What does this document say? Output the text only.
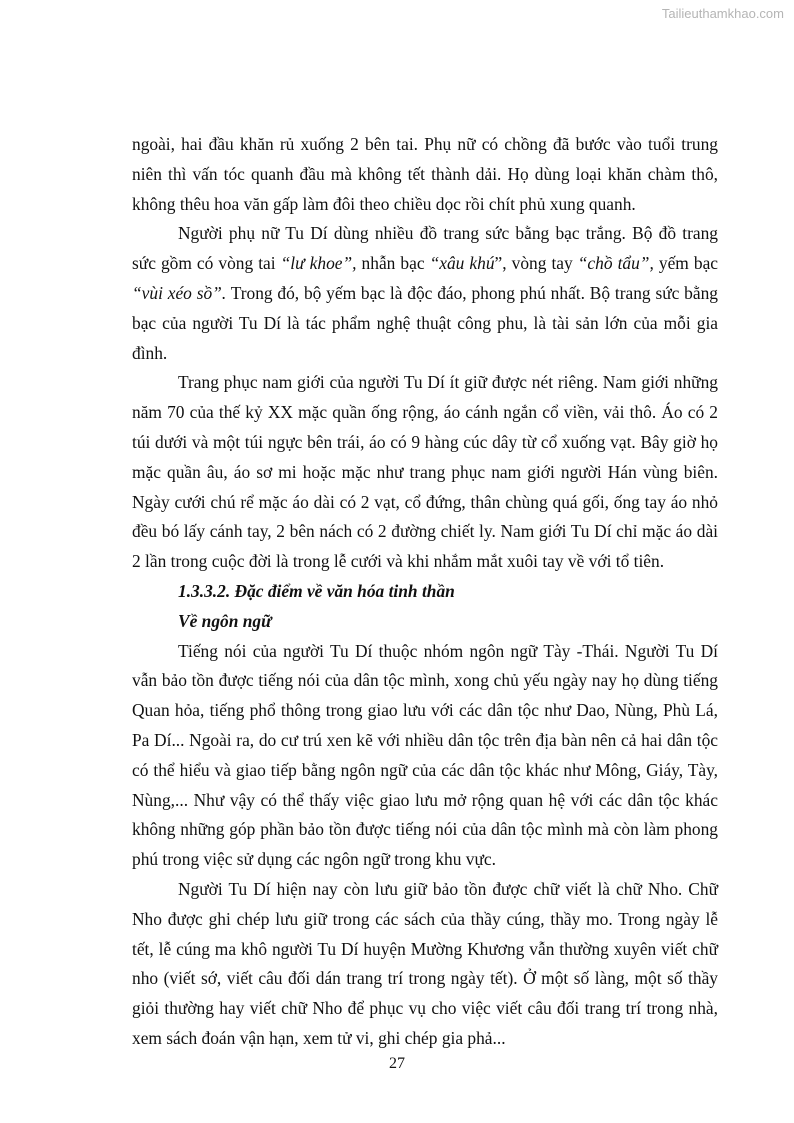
Tailieuthamkhao.com

ngoài, hai đầu khăn rủ xuống 2 bên tai. Phụ nữ có chồng đã bước vào tuổi trung niên thì vấn tóc quanh đầu mà không tết thành dải. Họ dùng loại khăn chàm thô, không thêu hoa văn gấp làm đôi theo chiều dọc rồi chít phủ xung quanh.

Người phụ nữ Tu Dí dùng nhiều đồ trang sức bằng bạc trắng. Bộ đồ trang sức gồm có vòng tai “lư khoe”, nhẫn bạc “xâu khú”, vòng tay “chồ tẩu”, yếm bạc “vùi xéo sồ”. Trong đó, bộ yếm bạc là độc đáo, phong phú nhất. Bộ trang sức bằng bạc của người Tu Dí là tác phẩm nghệ thuật công phu, là tài sản lớn của mỗi gia đình.

Trang phục nam giới của người Tu Dí ít giữ được nét riêng. Nam giới những năm 70 của thế kỷ XX mặc quần ống rộng, áo cánh ngắn cổ viền, vải thô. Áo có 2 túi dưới và một túi ngực bên trái, áo có 9 hàng cúc dây từ cổ xuống vạt. Bây giờ họ mặc quần âu, áo sơ mi hoặc mặc như trang phục nam giới người Hán vùng biên. Ngày cưới chú rể mặc áo dài có 2 vạt, cổ đứng, thân chùng quá gối, ống tay áo nhỏ đều bó lấy cánh tay, 2 bên nách có 2 đường chiết ly. Nam giới Tu Dí chỉ mặc áo dài 2 lần trong cuộc đời là trong lễ cưới và khi nhắm mắt xuôi tay về với tổ tiên.

1.3.3.2. Đặc điểm về văn hóa tinh thần

Về ngôn ngữ

Tiếng nói của người Tu Dí thuộc nhóm ngôn ngữ Tày -Thái. Người Tu Dí vẫn bảo tồn được tiếng nói của dân tộc mình, xong chủ yếu ngày nay họ dùng tiếng Quan hỏa, tiếng phổ thông trong giao lưu với các dân tộc như Dao, Nùng, Phù Lá, Pa Dí... Ngoài ra, do cư trú xen kẽ với nhiều dân tộc trên địa bàn nên cả hai dân tộc có thể hiểu và giao tiếp bằng ngôn ngữ của các dân tộc khác như Mông, Giáy, Tày, Nùng,... Như vậy có thể thấy việc giao lưu mở rộng quan hệ với các dân tộc khác không những góp phần bảo tồn được tiếng nói của dân tộc mình mà còn làm phong phú trong việc sử dụng các ngôn ngữ trong khu vực.

Người Tu Dí hiện nay còn lưu giữ bảo tồn được chữ viết là chữ Nho. Chữ Nho được ghi chép lưu giữ trong các sách của thầy cúng, thầy mo. Trong ngày lễ tết, lễ cúng ma khô người Tu Dí huyện Mường Khương vẫn thường xuyên viết chữ nho (viết sớ, viết câu đối dán trang trí trong ngày tết). Ở một số làng, một số thầy giỏi thường hay viết chữ Nho để phục vụ cho việc viết câu đối trang trí trong nhà, xem sách đoán vận hạn, xem tử vi, ghi chép gia phả...

27
